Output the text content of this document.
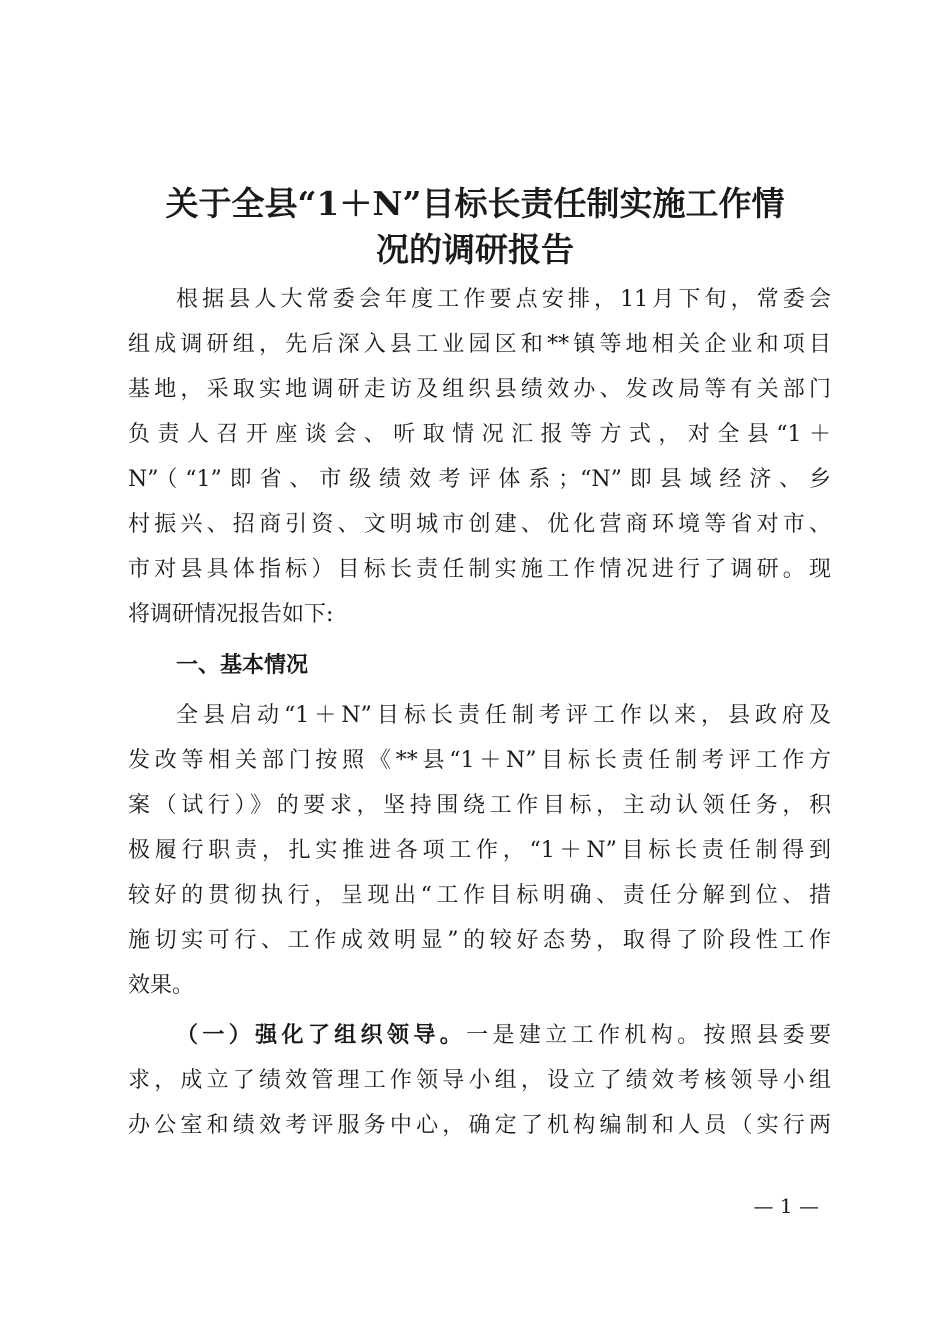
关于全县“1＋N”目标长责任制实施工作情
况的调研报告

根据县人大常委会年度工作要点安排，11月下旬，常委会

组成调研组，先后深入县工业园区和**镇等地相关企业和项目

基地，采取实地调研走访及组织县绩效办、发改局等有关部门

负责人召开座谈会、听取情况汇报等方式，对全县“1＋

N”（“1”即省、市级绩效考评体系；“N”即县域经济、乡

村振兴、招商引资、文明城市创建、优化营商环境等省对市、

市对县具体指标）目标长责任制实施工作情况进行了调研。现

将调研情况报告如下:

一、基本情况

全县启动“1＋N”目标长责任制考评工作以来，县政府及

发改等相关部门按照《**县“1＋N”目标长责任制考评工作方

案（试行）》的要求，坚持围绕工作目标，主动认领任务，积

极履行职责，扎实推进各项工作，“1＋N”目标长责任制得到

较好的贯彻执行，呈现出“工作目标明确、责任分解到位、措

施切实可行、工作成效明显”的较好态势，取得了阶段性工作

效果。

（一）强化了组织领导。一是建立工作机构。按照县委要

求，成立了绩效管理工作领导小组，设立了绩效考核领导小组

办公室和绩效考评服务中心，确定了机构编制和人员（实行两

— 1 —
